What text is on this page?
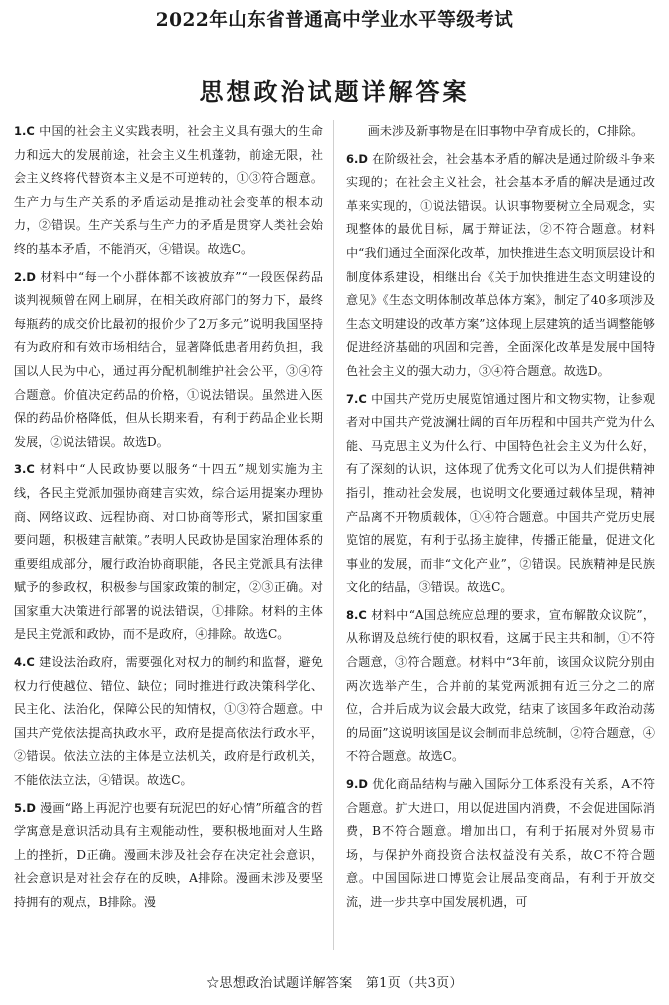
2022年山东省普通高中学业水平等级考试
思想政治试题详解答案

1.C 中国的社会主义实践表明，社会主义具有强大的生命力和远大的发展前途，社会主义生机蓬勃，前途无限，社会主义终将代替资本主义是不可逆转的，①③符合题意。生产力与生产关系的矛盾运动是推动社会变革的根本动力，②错误。生产关系与生产力的矛盾是贯穿人类社会始终的基本矛盾，不能消灭，④错误。故选C。

2.D 材料中“每一个小群体都不该被放弃”“一段医保药品谈判视频曾在网上刷屏，在相关政府部门的努力下，最终每瓶药的成交价比最初的报价少了2万多元”说明我国坚持有为政府和有效市场相结合，显著降低患者用药负担，我国以人民为中心，通过再分配机制维护社会公平，③④符合题意。价值决定药品的价格，①说法错误。虽然进入医保的药品价格降低，但从长期来看，有利于药品企业长期发展，②说法错误。故选D。

3.C 材料中“人民政协要以服务“十四五”规划实施为主线，各民主党派加强协商建言实效，综合运用提案办理协商、网络议政、远程协商、对口协商等形式，紧扣国家重要问题，积极建言献策。”表明人民政协是国家治理体系的重要组成部分，履行政治协商职能，各民主党派具有法律赋予的参政权，积极参与国家政策的制定，②③正确。对国家重大决策进行部署的说法错误，①排除。材料的主体是民主党派和政协，而不是政府，④排除。故选C。

4.C 建设法治政府，需要强化对权力的制约和监督，避免权力行使越位、错位、缺位；同时推进行政决策科学化、民主化、法治化，保障公民的知情权，①③符合题意。中国共产党依法提高执政水平，政府是提高依法行政水平，②错误。依法立法的主体是立法机关，政府是行政机关，不能依法立法，④错误。故选C。

5.D 漫画“路上再泥泞也要有玩泥巴的好心情”所蕴含的哲学寓意是意识活动具有主观能动性，要积极地面对人生路上的挫折，D正确。漫画未涉及社会存在决定社会意识，社会意识是对社会存在的反映，A排除。漫画未涉及要坚持拥有的观点，B排除。漫

画未涉及新事物是在旧事物中孕育成长的，C排除。

6.D 在阶级社会，社会基本矛盾的解决是通过阶级斗争来实现的；在社会主义社会，社会基本矛盾的解决是通过改革来实现的，①说法错误。认识事物要树立全局观念，实现整体的最优目标，属于辩证法，②不符合题意。材料中“我们通过全面深化改革，加快推进生态文明顶层设计和制度体系建设，相继出台《关于加快推进生态文明建设的意见》《生态文明体制改革总体方案》，制定了40多项涉及生态文明建设的改革方案”这体现上层建筑的适当调整能够促进经济基础的巩固和完善，全面深化改革是发展中国特色社会主义的强大动力，③④符合题意。故选D。

7.C 中国共产党历史展览馆通过图片和文物实物，让参观者对中国共产党波澜壮阔的百年历程和中国共产党为什么能、马克思主义为什么行、中国特色社会主义为什么好，有了深刻的认识，这体现了优秀文化可以为人们提供精神指引，推动社会发展，也说明文化要通过载体呈现，精神产品离不开物质载体，①④符合题意。中国共产党历史展览馆的展览，有利于弘扬主旋律，传播正能量，促进文化事业的发展，而非“文化产业”，②错误。民族精神是民族文化的结晶，③错误。故选C。

8.C 材料中“A国总统应总理的要求，宣布解散众议院”，从称谓及总统行使的职权看，这属于民主共和制，①不符合题意，③符合题意。材料中“3年前，该国众议院分别由两次选举产生，合并前的某党两派拥有近三分之二的席位，合并后成为议会最大政党，结束了该国多年政治动荡的局面”这说明该国是议会制而非总统制，②符合题意，④不符合题意。故选C。

9.D 优化商品结构与融入国际分工体系没有关系，A不符合题意。扩大进口，用以促进国内消费，不会促进国际消费，B不符合题意。增加出口，有利于拓展对外贸易市场，与保护外商投资合法权益没有关系，故C不符合题意。中国国际进口博览会让展品变商品，有利于开放交流，进一步共享中国发展机遇，可

☆思想政治试题详解答案　第1页（共3页）
